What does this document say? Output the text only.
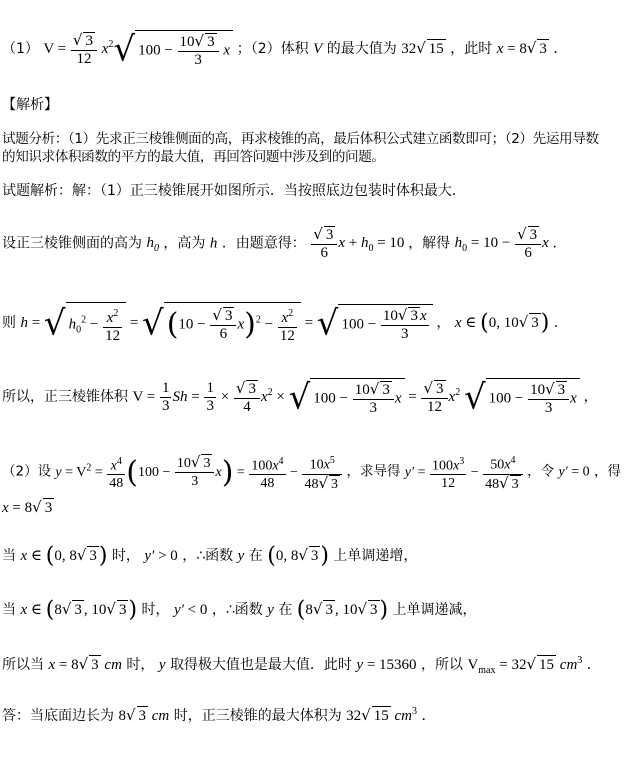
（1） $V = \frac{√ 3}{12} x^2√$ $100 - \frac{10√ 3}{3}$ x ；（2）体积 V 的最大值为 32√ 15 ，此时 x = 8√ 3 ．
【解析】
试题分析：（1）先求正三棱锥侧面的高，再求棱锥的高，最后体积公式建立函数即可；（2）先运用导数
的知识求体积函数的平方的最大值，再回答问题中涉及到的问题。
试题解析：解：（1）正三棱锥展开如图所示．当按照底边包装时体积最大．
设正三棱锥侧面的高为 $h_0$ ，高为 h ．由题意得： $\frac{√ 3}{6}$ $x + h_0 = 10$ ，解得 $h_0 = 10 - \frac{√ 3}{6}$ x ．
则 h = √ $h_0^2 - \frac{x^2}{12}$ = √ $(10 - \frac{√ 3}{6} x)^2 - \frac{x^2}{12}$ = √ $100 - \frac{10√ 3 x}{3}$ ， x ∈ (0, 10√ 3) ．
所以，正三棱锥体积 $V = \frac{1}{3}$ $Sh = \frac{1}{3} \times \frac{√ 3}{4} x^2$ × √ $100 - \frac{10√ 3}{3}$ $x = \frac{√ 3}{12} x^2$ √ $100 - \frac{10√ 3}{3}$ x ，
（2）设 $y = V^2 = \frac{x^4}{48} (100 - \frac{10√ 3}{3} x) = \frac{100x^4}{48} - \frac{10x^5}{48√ 3}$ ，求导得 $y' = \frac{100x^3}{12} - \frac{50x^4}{48√ 3}$ ，令 y′ = 0 ，得
x = 8√ 3
当 x ∈ (0, 8√ 3) 时， y′ > 0 ，∴函数 y 在 (0, 8√ 3) 上单调递增，
当 x ∈ (8√ 3 , 10√ 3) 时， y′ < 0 ，∴函数 y 在 (8√ 3 , 10√ 3) 上单调递减，
所以当 x = 8√ 3 cm 时， y 取得极大值也是最大值．此时 y = 15360 ，所以 $V_{max} = 32√$ 15 $cm^3$ ．
答：当底面边长为 8√ 3 cm 时，正三棱锥的最大体积为 32√ 15 $cm^3$ ．
